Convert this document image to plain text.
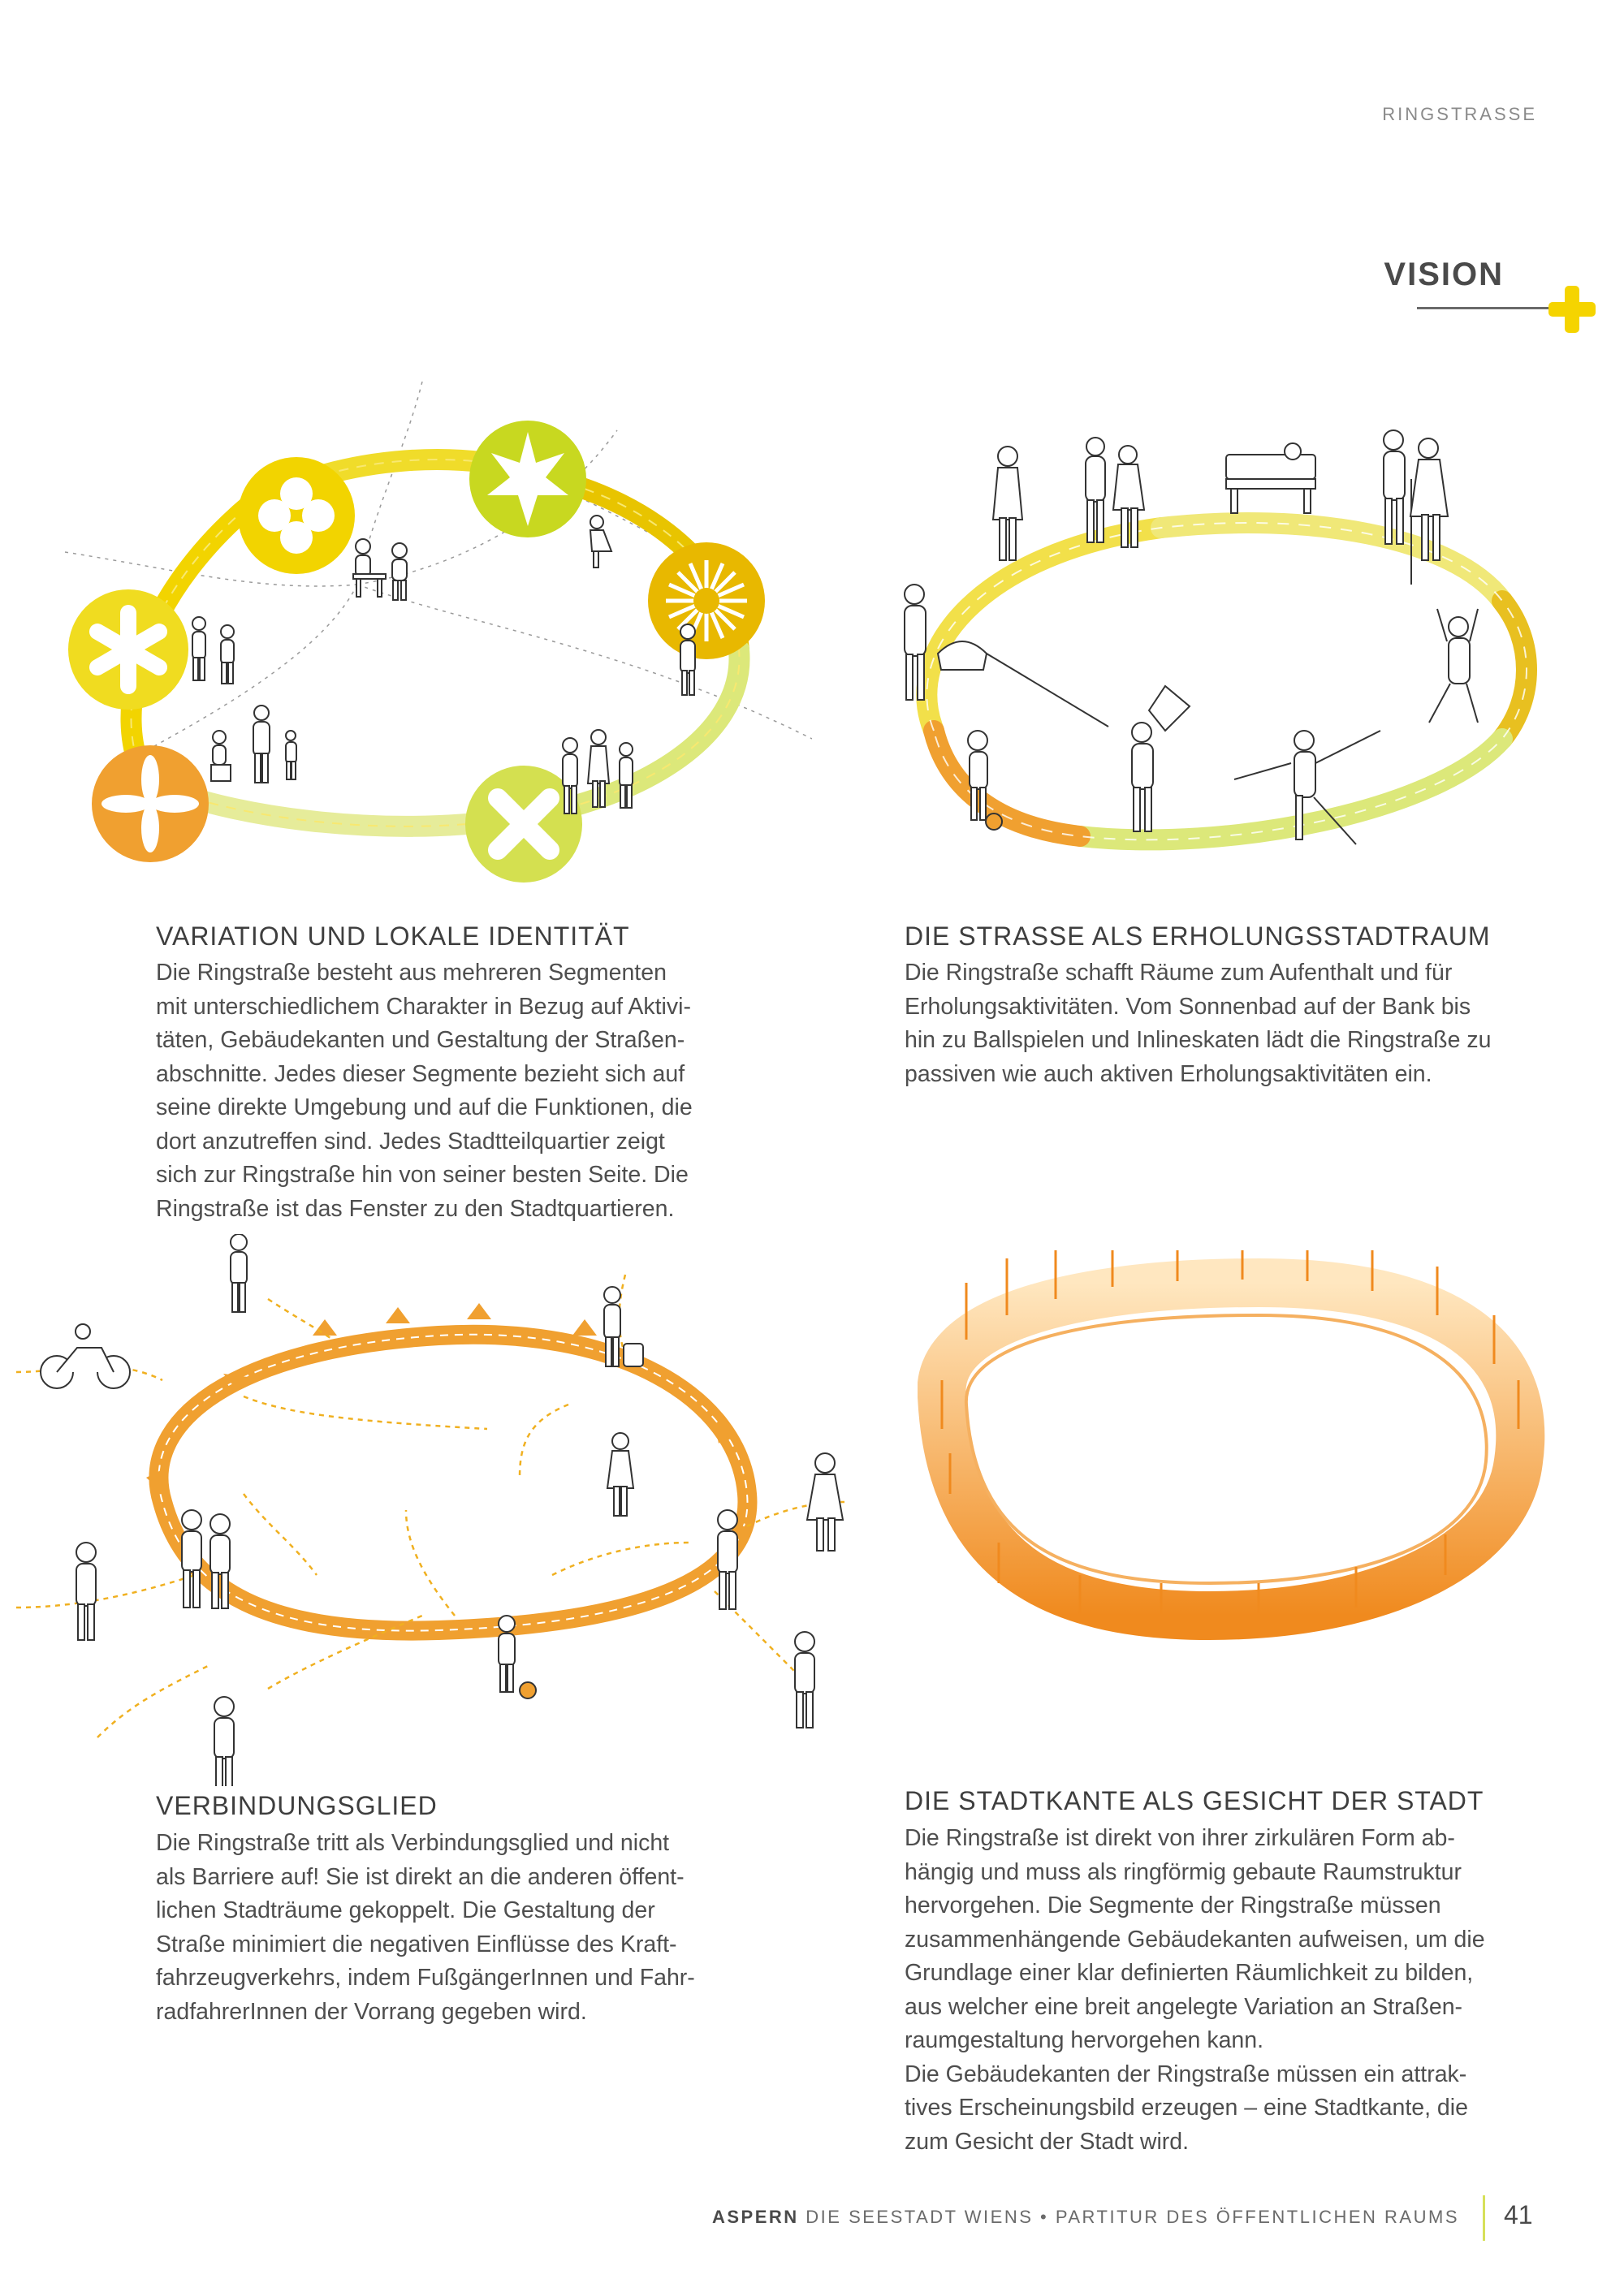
RINGSTRASSE
VISION
VARIATION UND LOKALE IDENTITÄT

Die Ringstraße besteht aus mehreren Segmenten
mit unterschiedlichem Charakter in Bezug auf Aktivi-
täten, Gebäudekanten und Gestaltung der Straßen-
abschnitte. Jedes dieser Segmente bezieht sich auf
seine direkte Umgebung und auf die Funktionen, die
dort anzutreffen sind. Jedes Stadtteilquartier zeigt
sich zur Ringstraße hin von seiner besten Seite. Die
Ringstraße ist das Fenster zu den Stadtquartieren.

DIE STRASSE ALS ERHOLUNGSSTADTRAUM

Die Ringstraße schafft Räume zum Aufenthalt und für
Erholungsaktivitäten. Vom Sonnenbad auf der Bank bis
hin zu Ballspielen und Inlineskaten lädt die Ringstraße zu
passiven wie auch aktiven Erholungsaktivitäten ein.

VERBINDUNGSGLIED

Die Ringstraße tritt als Verbindungsglied und nicht
als Barriere auf! Sie ist direkt an die anderen öffent-
lichen Stadträume gekoppelt. Die Gestaltung der
Straße minimiert die negativen Einflüsse des Kraft-
fahrzeugverkehrs, indem FußgängerInnen und Fahr-
radfahrerInnen der Vorrang gegeben wird.

DIE STADTKANTE ALS GESICHT DER STADT

Die Ringstraße ist direkt von ihrer zirkulären Form ab-
hängig und muss als ringförmig gebaute Raumstruktur
hervorgehen. Die Segmente der Ringstraße müssen
zusammenhängende Gebäudekanten aufweisen, um die
Grundlage einer klar definierten Räumlichkeit zu bilden,
aus welcher eine breit angelegte Variation an Straßen-
raumgestaltung hervorgehen kann.
Die Gebäudekanten der Ringstraße müssen ein attrak-
tives Erscheinungsbild erzeugen – eine Stadtkante, die
zum Gesicht der Stadt wird.

ASPERN DIE SEESTADT WIENS • PARTITUR DES ÖFFENTLICHEN RAUMS 41
